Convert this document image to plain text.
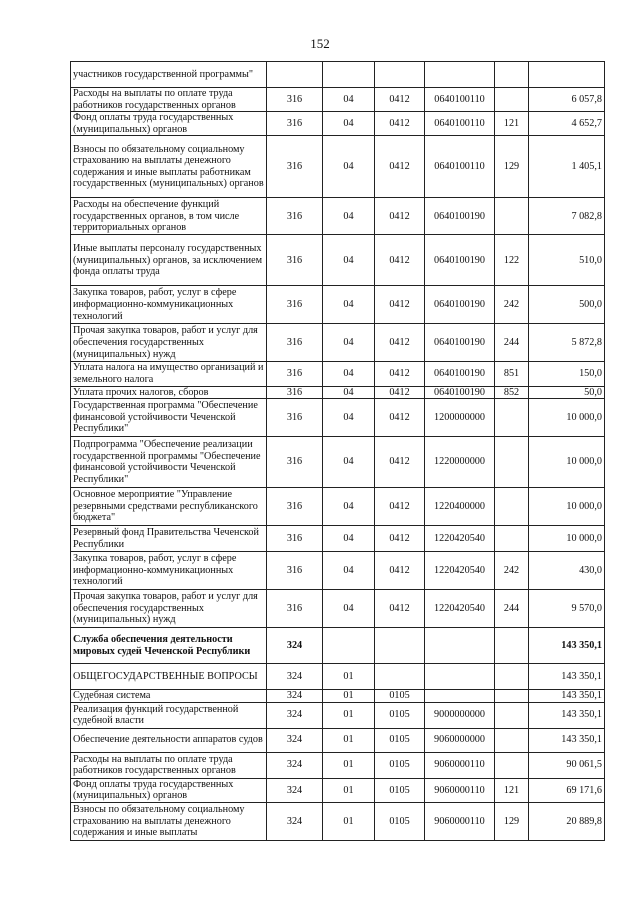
152
участников государственной программы"						
Расходы на выплаты по оплате труда работников государственных органов	316	04	0412	0640100110		6 057,8
Фонд оплаты труда государственных (муниципальных) органов	316	04	0412	0640100110	121	4 652,7
Взносы по обязательному социальному страхованию на выплаты денежного содержания и иные выплаты работникам государственных (муниципальных) органов	316	04	0412	0640100110	129	1 405,1
Расходы на обеспечение функций государственных органов, в том числе территориальных органов	316	04	0412	0640100190		7 082,8
Иные выплаты персоналу государственных (муниципальных) органов, за исключением фонда оплаты труда	316	04	0412	0640100190	122	510,0
Закупка товаров, работ, услуг в сфере информационно-коммуникационных технологий	316	04	0412	0640100190	242	500,0
Прочая закупка товаров, работ и услуг для обеспечения государственных (муниципальных) нужд	316	04	0412	0640100190	244	5 872,8
Уплата налога на имущество организаций и земельного налога	316	04	0412	0640100190	851	150,0
Уплата прочих налогов, сборов	316	04	0412	0640100190	852	50,0
Государственная программа "Обеспечение финансовой устойчивости Чеченской Республики"	316	04	0412	1200000000		10 000,0
Подпрограмма "Обеспечение реализации государственной программы "Обеспечение финансовой устойчивости Чеченской Республики"	316	04	0412	1220000000		10 000,0
Основное мероприятие "Управление резервными средствами республиканского бюджета"	316	04	0412	1220400000		10 000,0
Резервный фонд Правительства Чеченской Республики	316	04	0412	1220420540		10 000,0
Закупка товаров, работ, услуг в сфере информационно-коммуникационных технологий	316	04	0412	1220420540	242	430,0
Прочая закупка товаров, работ и услуг для обеспечения государственных (муниципальных) нужд	316	04	0412	1220420540	244	9 570,0
Служба обеспечения деятельности мировых судей Чеченской Республики	324					143 350,1
ОБЩЕГОСУДАРСТВЕННЫЕ ВОПРОСЫ	324	01				143 350,1
Судебная система	324	01	0105			143 350,1
Реализация функций государственной судебной власти	324	01	0105	9000000000		143 350,1
Обеспечение деятельности аппаратов судов	324	01	0105	9060000000		143 350,1
Расходы на выплаты по оплате труда работников государственных органов	324	01	0105	9060000110		90 061,5
Фонд оплаты труда государственных (муниципальных) органов	324	01	0105	9060000110	121	69 171,6
Взносы по обязательному социальному страхованию на выплаты денежного содержания и иные выплаты	324	01	0105	9060000110	129	20 889,8
